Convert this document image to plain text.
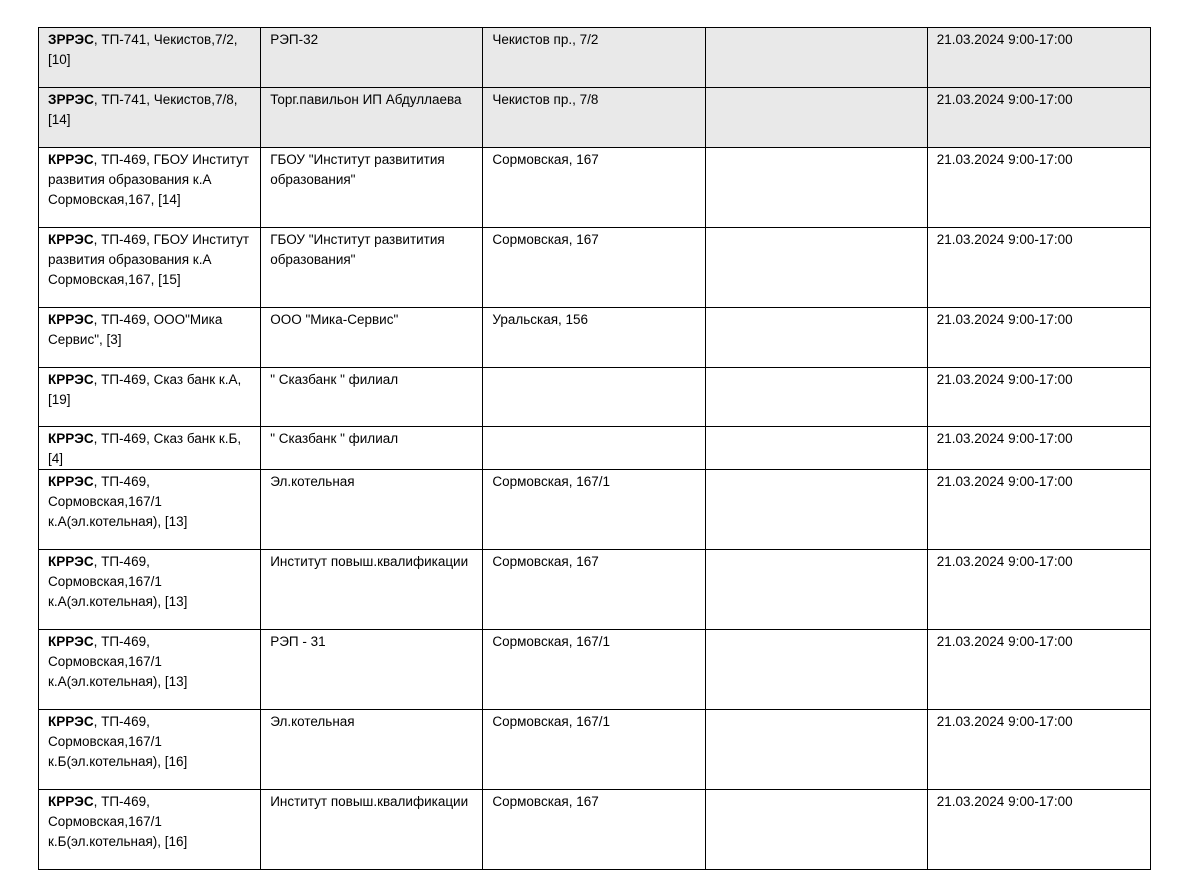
ЗРРЭС, ТП-741, Чекистов,7/2, [10]	РЭП-32	Чекистов пр., 7/2		21.03.2024 9:00-17:00
ЗРРЭС, ТП-741, Чекистов,7/8, [14]	Торг.павильон ИП Абдуллаева	Чекистов пр., 7/8		21.03.2024 9:00-17:00
КРРЭС, ТП-469, ГБОУ Институт развития образования к.А Сормовская,167, [14]	ГБОУ "Институт развитития образования"	Сормовская, 167		21.03.2024 9:00-17:00
КРРЭС, ТП-469, ГБОУ Институт развития образования к.А Сормовская,167, [15]	ГБОУ "Институт развитития образования"	Сормовская, 167		21.03.2024 9:00-17:00
КРРЭС, ТП-469, ООО"Мика Сервис", [3]	ООО "Мика-Сервис"	Уральская, 156		21.03.2024 9:00-17:00
КРРЭС, ТП-469, Сказ банк к.А, [19]	" Сказбанк " филиал			21.03.2024 9:00-17:00
КРРЭС, ТП-469, Сказ банк к.Б, [4]	" Сказбанк " филиал			21.03.2024 9:00-17:00
КРРЭС, ТП-469, Сормовская,167/1 к.А(эл.котельная), [13]	Эл.котельная	Сормовская, 167/1		21.03.2024 9:00-17:00
КРРЭС, ТП-469, Сормовская,167/1 к.А(эл.котельная), [13]	Институт повыш.квалификации	Сормовская, 167		21.03.2024 9:00-17:00
КРРЭС, ТП-469, Сормовская,167/1 к.А(эл.котельная), [13]	РЭП - 31	Сормовская, 167/1		21.03.2024 9:00-17:00
КРРЭС, ТП-469, Сормовская,167/1 к.Б(эл.котельная), [16]	Эл.котельная	Сормовская, 167/1		21.03.2024 9:00-17:00
КРРЭС, ТП-469, Сормовская,167/1 к.Б(эл.котельная), [16]	Институт повыш.квалификации	Сормовская, 167		21.03.2024 9:00-17:00
